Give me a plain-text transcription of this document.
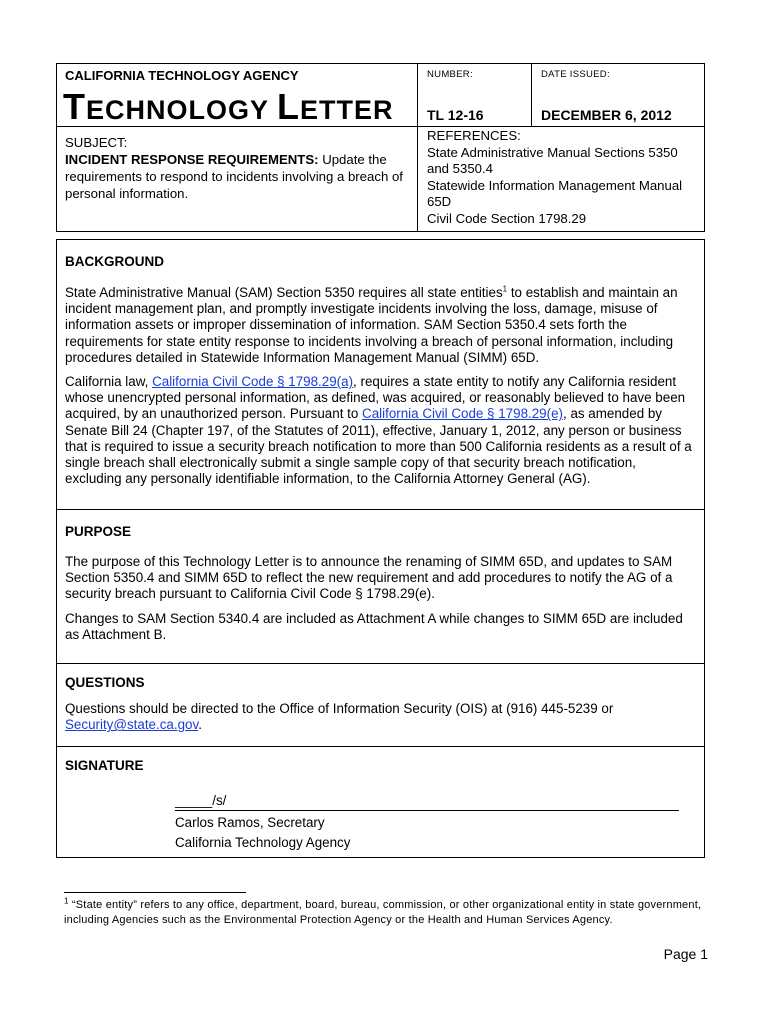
CALIFORNIA TECHNOLOGY AGENCY
TECHNOLOGY LETTER
NUMBER:
TL 12-16
DATE ISSUED:
DECEMBER 6, 2012
SUBJECT:
INCIDENT RESPONSE REQUIREMENTS: Update the requirements to respond to incidents involving a breach of personal information.
REFERENCES:
State Administrative Manual Sections 5350
and 5350.4
Statewide Information Management Manual
65D
Civil Code Section 1798.29
BACKGROUND

State Administrative Manual (SAM) Section 5350 requires all state entities$^1$ to establish and maintain an incident management plan, and promptly investigate incidents involving the loss, damage, misuse of information assets or improper dissemination of information. SAM Section 5350.4 sets forth the requirements for state entity response to incidents involving a breach of personal information, including procedures detailed in Statewide Information Management Manual (SIMM) 65D.

California law, California Civil Code § 1798.29(a), requires a state entity to notify any California resident whose unencrypted personal information, as defined, was acquired, or reasonably believed to have been acquired, by an unauthorized person. Pursuant to California Civil Code § 1798.29(e), as amended by Senate Bill 24 (Chapter 197, of the Statutes of 2011), effective, January 1, 2012, any person or business that is required to issue a security breach notification to more than 500 California residents as a result of a single breach shall electronically submit a single sample copy of that security breach notification, excluding any personally identifiable information, to the California Attorney General (AG).

PURPOSE

The purpose of this Technology Letter is to announce the renaming of SIMM 65D, and updates to SAM Section 5350.4 and SIMM 65D to reflect the new requirement and add procedures to notify the AG of a security breach pursuant to California Civil Code § 1798.29(e).

Changes to SAM Section 5340.4 are included as Attachment A while changes to SIMM 65D are included as Attachment B.

QUESTIONS

Questions should be directed to the Office of Information Security (OIS) at (916) 445-5239 or Security@state.ca.gov.

SIGNATURE
_____/s/
Carlos Ramos, Secretary
California Technology Agency
$^1$ “State entity” refers to any office, department, board, bureau, commission, or other organizational entity in state government, including Agencies such as the Environmental Protection Agency or the Health and Human Services Agency.
Page 1
